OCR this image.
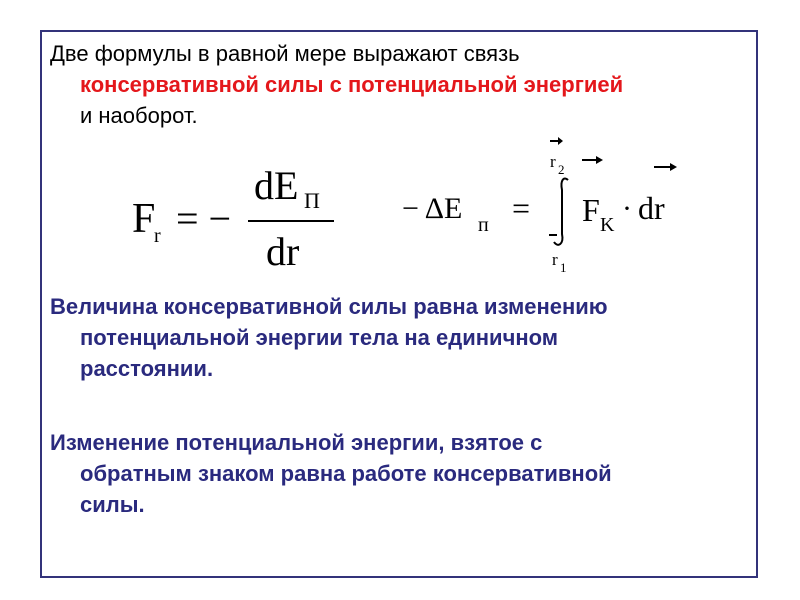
Две формулы в равной мере выражают связь
консервативной силы с потенциальной энергией
и наоборот.
F
r = −
dE П
dr
− ΔE п =
r 2
r 1
F K · dr
Величина консервативной силы равна изменению
потенциальной энергии тела на единичном
расстоянии.
Изменение потенциальной энергии, взятое с
обратным знаком равна работе консервативной
силы.
